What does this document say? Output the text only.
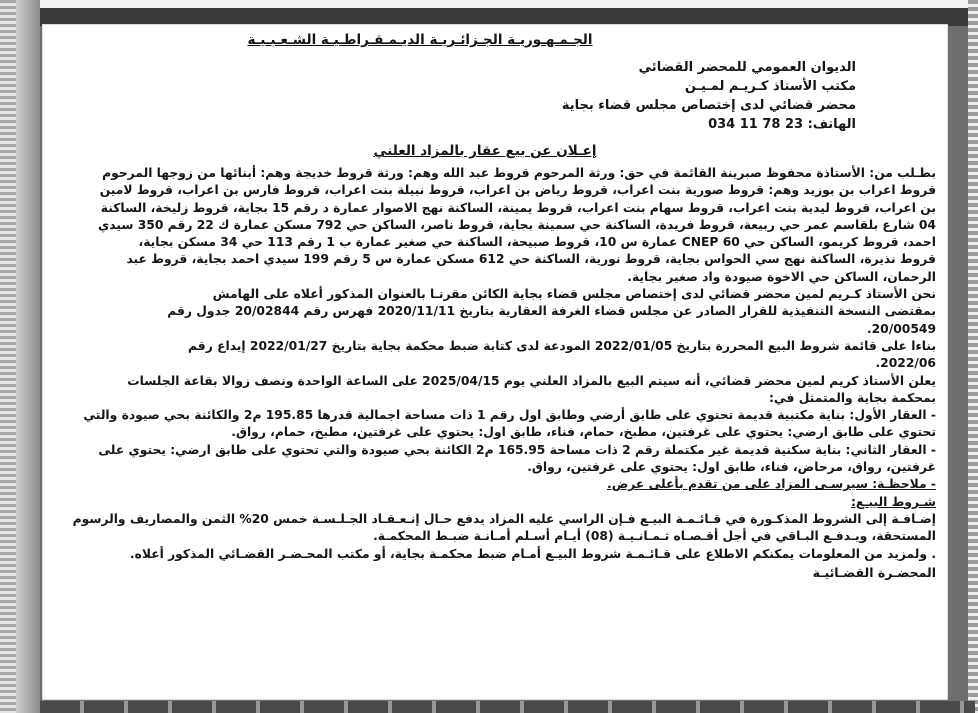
الجـمـهـوريـة الجـزائـريـة الديـمـقـراطـيـة الشـعـبـيـة
الديوان العمومي للمحضر القضائي
مكتب الأستاذ كـريـم لمـيـن
محضر قضائي لدى إختصاص مجلس قضاء بجاية
الهاتف: 034 11 78 23
إعـلان عن بيع عقار بالمزاد العلني
بطـلب من: الأستاذة محفوظ صبرينة القائمة في حق: ورثة المرحوم قروط عبد الله وهم: ورثة قروط خديجة وهم: أبنائها من زوجها المرحوم
قروط اعراب بن بوزيد وهم: قروط صورية بنت اعراب، قروط رياض بن اعراب، قروط نبيلة بنت اعراب، قروط فارس بن اعراب، قروط لامين
بن اعراب، قروط ليدية بنت اعراب، قروط سهام بنت اعراب، قروط يمينة، الساكنة نهج الاصوار عمارة د رقم 15 بجاية، قروط زليخة، الساكنة
04 شارع بلقاسم عمر حي ربيعة، قروط فريدة، الساكنة حي سمينة بجاية، قروط ناصر، الساكن حي 792 مسكن عمارة ك 22 رقم 350 سيدي
احمد، قروط كريمو، الساكن حي CNEP 60 عمارة س 10، قروط صبيحة، الساكنة حي صغير عمارة ب 1 رقم 113 حي 34 مسكن بجاية،
قروط نذيرة، الساكنة نهج سي الحواس بجاية، قروط نورية، الساكنة حي 612 مسكن عمارة س 5 رقم 199 سيدي احمد بجاية، قروط عبد
الرحمان، الساكن حي الاخوة صيودة واد صغير بجاية.
نحن الأستاذ كـريم لمين محضر قضائي لدى إختصاص مجلس قضاء بجاية الكائن مقرنـا بالعنوان المذكور أعلاه على الهامش
بمقتضى النسخة التنفيذية للقرار الصادر عن مجلس قضاء الغرفة العقارية بتاريخ 2020/11/11 فهرس رقم 20/02844 جدول رقم
20/00549.
بناءا على قائمة شروط البيع المحررة بتاريخ 2022/01/05 المودعة لدى كتابة ضبط محكمة بجاية بتاريخ 2022/01/27 إيداع رقم
2022/06.
يعلن الأستاذ كريم لمين محضر قضائي، أنه سيتم البيع بالمزاد العلني يوم 2025/04/15 على الساعة الواحدة ونصف زوالا بقاعة الجلسات
بمحكمة بجاية والمتمثل في:
- العقار الأول: بناية مكتبية قديمة تحتوي على طابق أرضي وطابق اول رقم 1 ذات مساحة اجمالية قدرها 195.85 م2 والكائنة بحي صيودة والتي
تحتوي على طابق ارضي: يحتوي على غرفتين، مطبخ، حمام، فناء، طابق اول: يحتوي على غرفتين، مطبخ، حمام، رواق.
- العقار الثاني: بناية سكنية قديمة غير مكتملة رقم 2 ذات مساحة 165.95 م2 الكائنة بحي صيودة والتي تحتوي على طابق ارضي: يحتوي على
غرفتين، رواق، مرحاض، فناء، طابق اول: يحتوي على غرفتين، رواق.
- ملاحظـة: سيرسـى المزاد على من تقدم بأعلى عرض.
شـروط البيـع:
إضـافـة إلى الشروط المذكـورة في قـائـمـة البيـع فـإن الراسي عليه المزاد يدفع حـال إنـعـقـاد الجـلـسـة خمس 20% الثمن والمصاريف والرسوم
المستحقة، ويـدفـع البـاقي في أجل أقـصـاه ثـمـانـيـة (08) أيـام أسـلم أمـانـة ضبـط المحكمـة.
. ولمزيد من المعلومات يمكنكم الاطلاع على قـائـمـة شروط البيـع أمـام ضبط محكمـة بجاية، أو مكتب المحـضـر القضـائي المذكور أعلاه.
المحضـرة القضـائيـة
